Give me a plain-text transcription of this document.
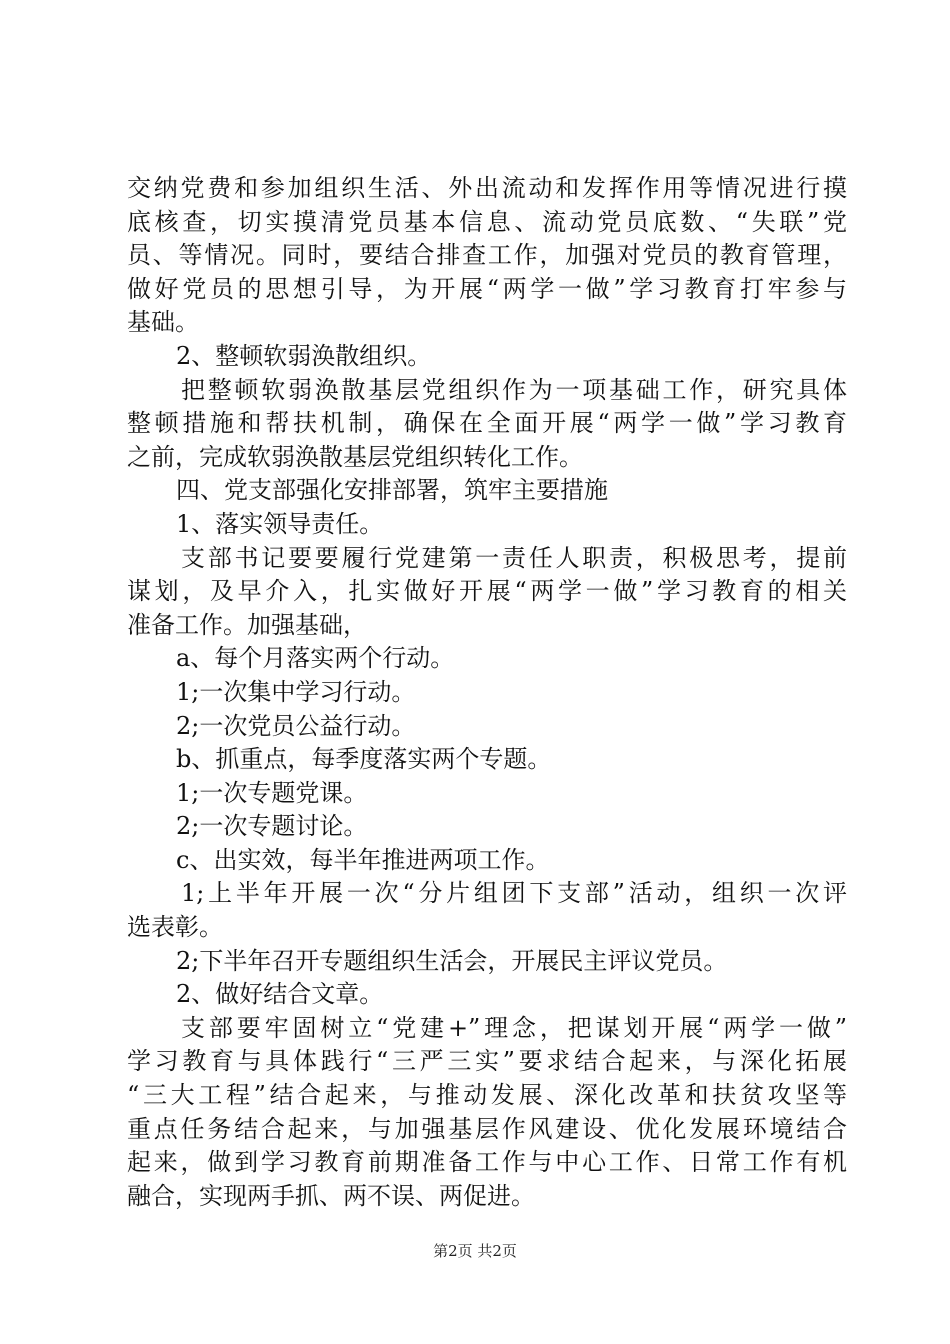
交纳党费和参加组织生活、外出流动和发挥作用等情况进行摸
底核查，切实摸清党员基本信息、流动党员底数、“失联”党
员、等情况。同时，要结合排查工作，加强对党员的教育管理，
做好党员的思想引导，为开展“两学一做”学习教育打牢参与
基础。
2、整顿软弱涣散组织。
把整顿软弱涣散基层党组织作为一项基础工作，研究具体
整顿措施和帮扶机制，确保在全面开展“两学一做”学习教育
之前，完成软弱涣散基层党组织转化工作。
四、党支部强化安排部署，筑牢主要措施
1、落实领导责任。
支部书记要要履行党建第一责任人职责，积极思考，提前
谋划，及早介入，扎实做好开展“两学一做”学习教育的相关
准备工作。加强基础，
a、每个月落实两个行动。
1;一次集中学习行动。
2;一次党员公益行动。
b、抓重点，每季度落实两个专题。
1;一次专题党课。
2;一次专题讨论。
c、出实效，每半年推进两项工作。
1;上半年开展一次“分片组团下支部”活动，组织一次评
选表彰。
2;下半年召开专题组织生活会，开展民主评议党员。
2、做好结合文章。
支部要牢固树立“党建+”理念，把谋划开展“两学一做”
学习教育与具体践行“三严三实”要求结合起来，与深化拓展
“三大工程”结合起来，与推动发展、深化改革和扶贫攻坚等
重点任务结合起来，与加强基层作风建设、优化发展环境结合
起来，做到学习教育前期准备工作与中心工作、日常工作有机
融合，实现两手抓、两不误、两促进。
第2页 共2页
